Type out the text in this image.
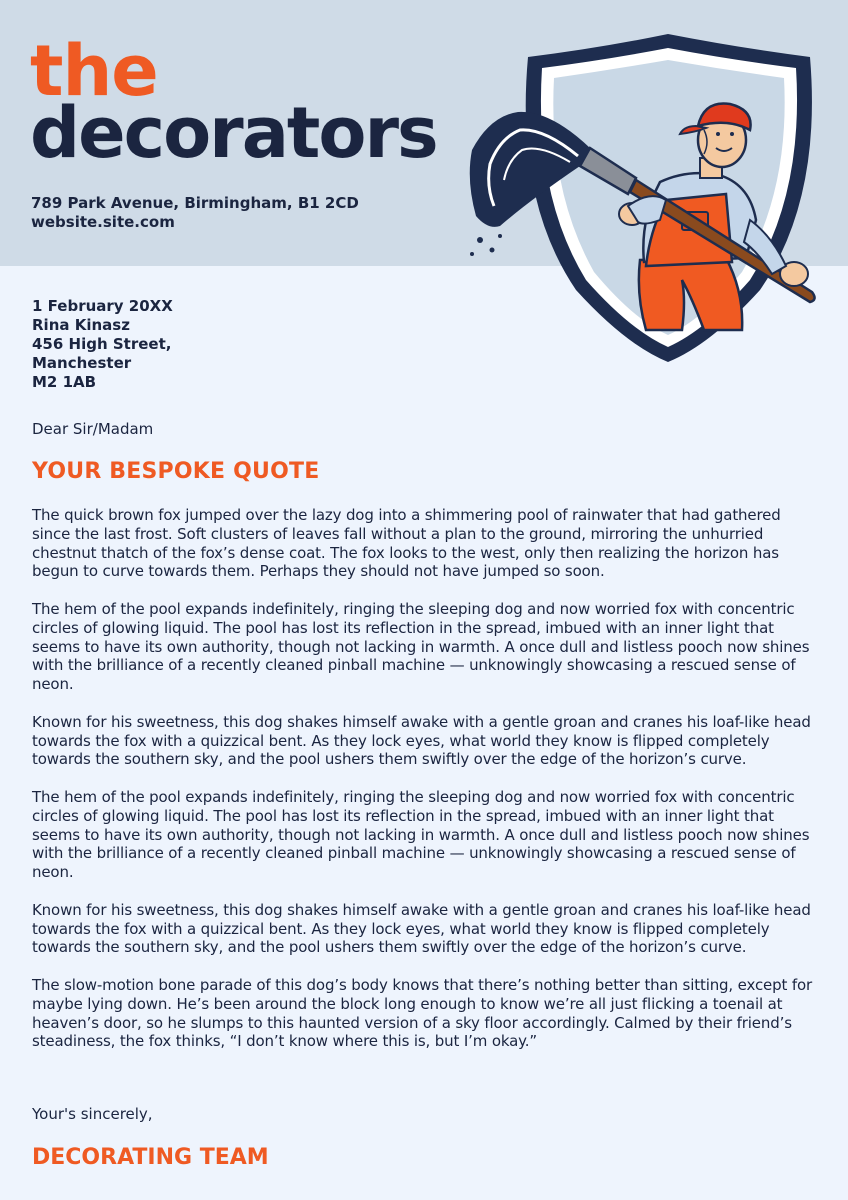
the
decorators
789 Park Avenue, Birmingham, B1 2CD
website.site.com
1 February 20XX
Rina Kinasz
456 High Street,
Manchester
M2 1AB
Dear Sir/Madam
YOUR BESPOKE QUOTE

The quick brown fox jumped over the lazy dog into a shimmering pool of rainwater that had gathered since the last frost. Soft clusters of leaves fall without a plan to the ground, mirroring the unhurried chestnut thatch of the fox’s dense coat. The fox looks to the west, only then realizing the horizon has begun to curve towards them. Perhaps they should not have jumped so soon.

The hem of the pool expands indefinitely, ringing the sleeping dog and now worried fox with concentric circles of glowing liquid. The pool has lost its reflection in the spread, imbued with an inner light that seems to have its own authority, though not lacking in warmth. A once dull and listless pooch now shines with the brilliance of a recently cleaned pinball machine — unknowingly showcasing a rescued sense of neon.

Known for his sweetness, this dog shakes himself awake with a gentle groan and cranes his loaf-like head towards the fox with a quizzical bent. As they lock eyes, what world they know is flipped completely towards the southern sky, and the pool ushers them swiftly over the edge of the horizon’s curve.

The hem of the pool expands indefinitely, ringing the sleeping dog and now worried fox with concentric circles of glowing liquid. The pool has lost its reflection in the spread, imbued with an inner light that seems to have its own authority, though not lacking in warmth. A once dull and listless pooch now shines with the brilliance of a recently cleaned pinball machine — unknowingly showcasing a rescued sense of neon.

Known for his sweetness, this dog shakes himself awake with a gentle groan and cranes his loaf-like head towards the fox with a quizzical bent. As they lock eyes, what world they know is flipped completely towards the southern sky, and the pool ushers them swiftly over the edge of the horizon’s curve.

The slow-motion bone parade of this dog’s body knows that there’s nothing better than sitting, except for maybe lying down. He’s been around the block long enough to know we’re all just flicking a toenail at heaven’s door, so he slumps to this haunted version of a sky floor accordingly. Calmed by their friend’s steadiness, the fox thinks, “I don’t know where this is, but I’m okay.”

Your's sincerely,
DECORATING TEAM
